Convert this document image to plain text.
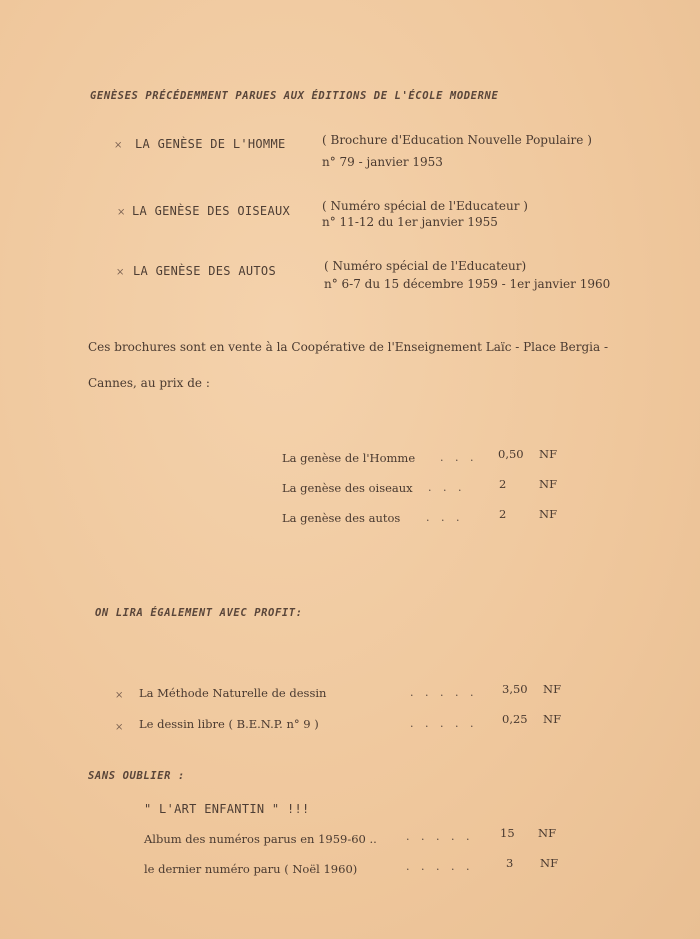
GENÈSES PRÉCÉDEMMENT PARUES AUX ÉDITIONS DE L'ÉCOLE MODERNE
× LA GENÈSE DE L'HOMME	( Brochure d'Education Nouvelle Populaire )
n° 79 - janvier 1953
× LA GENÈSE DES OISEAUX	( Numéro spécial de l'Educateur )
n° 11-12 du 1er janvier 1955
× LA GENÈSE DES AUTOS	( Numéro spécial de l'Educateur)
n° 6-7 du 15 décembre 1959 - 1er janvier 1960
Ces brochures sont en vente à la Coopérative de l'Enseignement Laïc - Place Bergia -
Cannes, au prix de :
La genèse de l'Homme . . . 0,50 NF
La genèse des oiseaux . . .	2	NF
La genèse des autos . . .	2	NF
ON LIRA ÉGALEMENT AVEC PROFIT:
× La Méthode Naturelle de dessin	. . . . . 3,50 NF
× Le dessin libre ( B.E.N.P. n° 9 )	. . . . . 0,25 NF
SANS OUBLIER :
" L'ART ENFANTIN " !!!
Album des numéros parus en 1959-60 ..	. . . . . 15 NF
le dernier numéro paru ( Noël 1960)	. . . . .	3 NF
